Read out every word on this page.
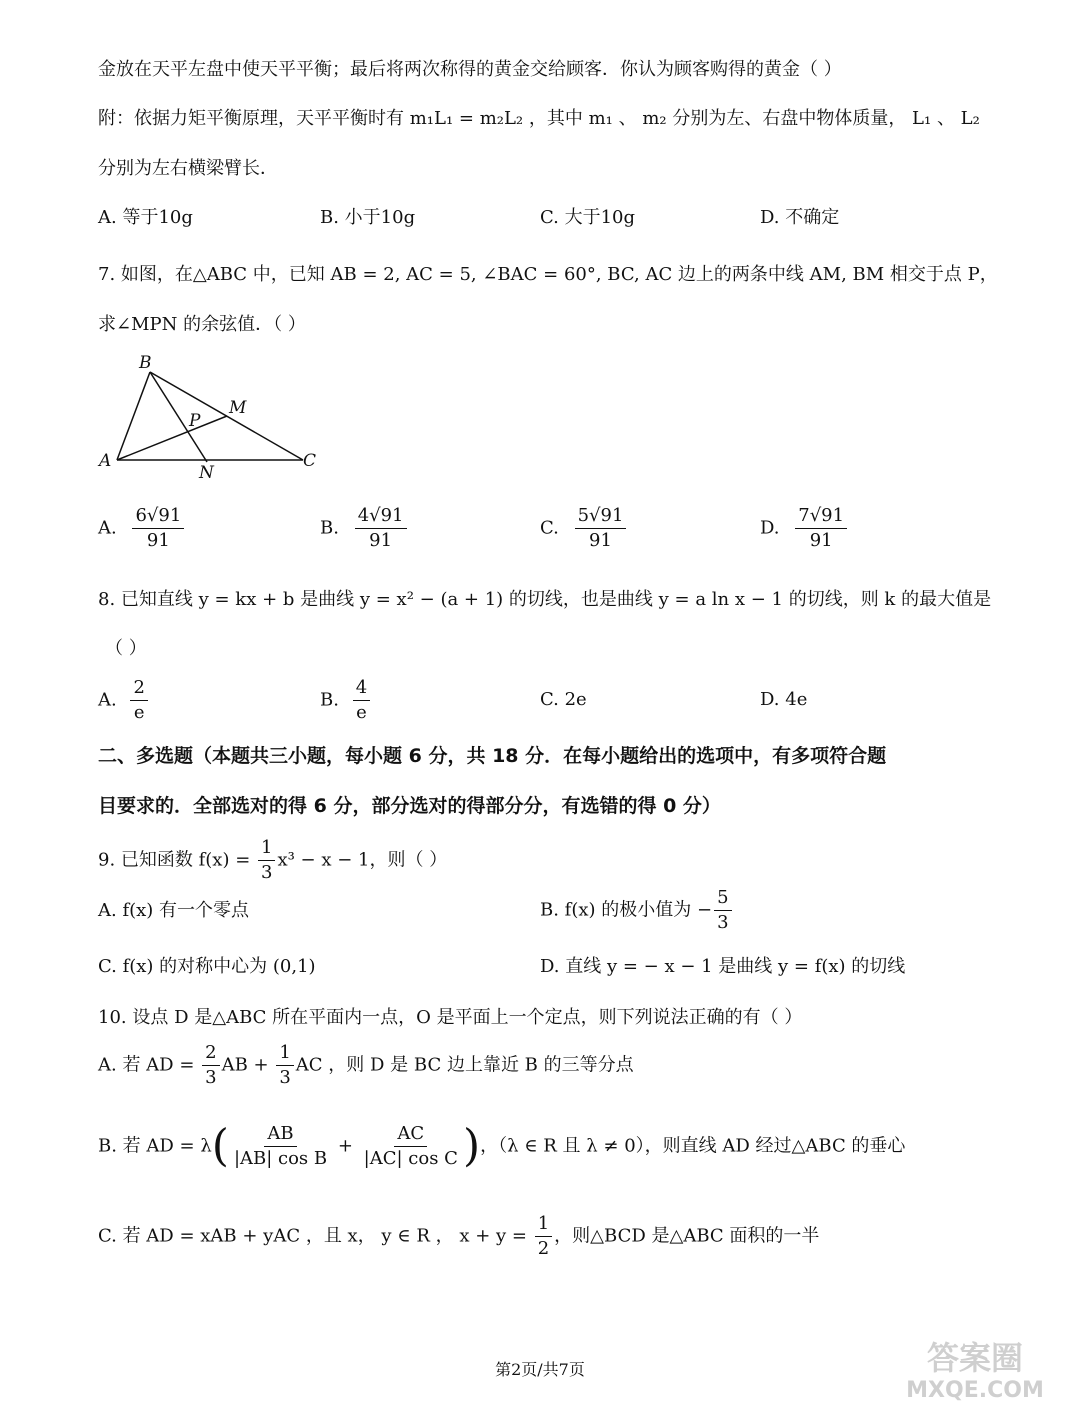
金放在天平左盘中使天平平衡；最后将两次称得的黄金交给顾客．你认为顾客购得的黄金（ ）
附：依据力矩平衡原理，天平平衡时有 m₁L₁ = m₂L₂ ，其中 m₁ 、 m₂ 分别为左、右盘中物体质量， L₁ 、 L₂
分别为左右横梁臂长．
A. 等于10g	B. 小于10g	C. 大于10g	D. 不确定
7. 如图，在△ABC 中，已知 AB = 2, AC = 5, ∠BAC = 60°, BC, AC 边上的两条中线 AM, BM 相交于点 P，
求∠MPN 的余弦值．（ ）
B
M
P
A
N
C
A. $\frac{6√91}{91}$	B. $\frac{4√91}{91}$	C. $\frac{5√91}{91}$	D. $\frac{7√91}{91}$
8. 已知直线 y = kx + b 是曲线 y = x² − (a + 1) 的切线，也是曲线 y = a ln x − 1 的切线，则 k 的最大值是
（ ）
A. $\frac{2}{e}$	B. $\frac{4}{e}$	C. 2e	D. 4e
二、多选题（本题共三小题，每小题 6 分，共 18 分．在每小题给出的选项中，有多项符合题
目要求的．全部选对的得 6 分，部分选对的得部分分，有选错的得 0 分）
9. 已知函数 $f(x) = \frac{1}{3} x^3 - x - 1$，则（ ）
A. f(x) 有一个零点	B. f(x) 的极小值为 − $\frac{5}{3}$
C. f(x) 的对称中心为 (0,1)	D. 直线 y = − x − 1 是曲线 y = f(x) 的切线
10. 设点 D 是△ABC 所在平面内一点，O 是平面上一个定点，则下列说法正确的有（ ）
A. 若 AD = $\frac{2}{3}$ AB + $\frac{1}{3}$ AC ，则 D 是 BC 边上靠近 B 的三等分点
B. 若 AD = $\lambda( \frac{AB}{\text{|AB| cos B}} + \frac{AC}{\text{|AC| cos C}}$ )，（λ ∈ R 且 λ ≠ 0），则直线 AD 经过△ABC 的垂心
C. 若 AD = xAB + yAC ，且 x， y ∈ R ， $x + y = \frac{1}{2}$ ，则△BCD 是△ABC 面积的一半
第2页/共7页	答案圈
MXQE.COM
